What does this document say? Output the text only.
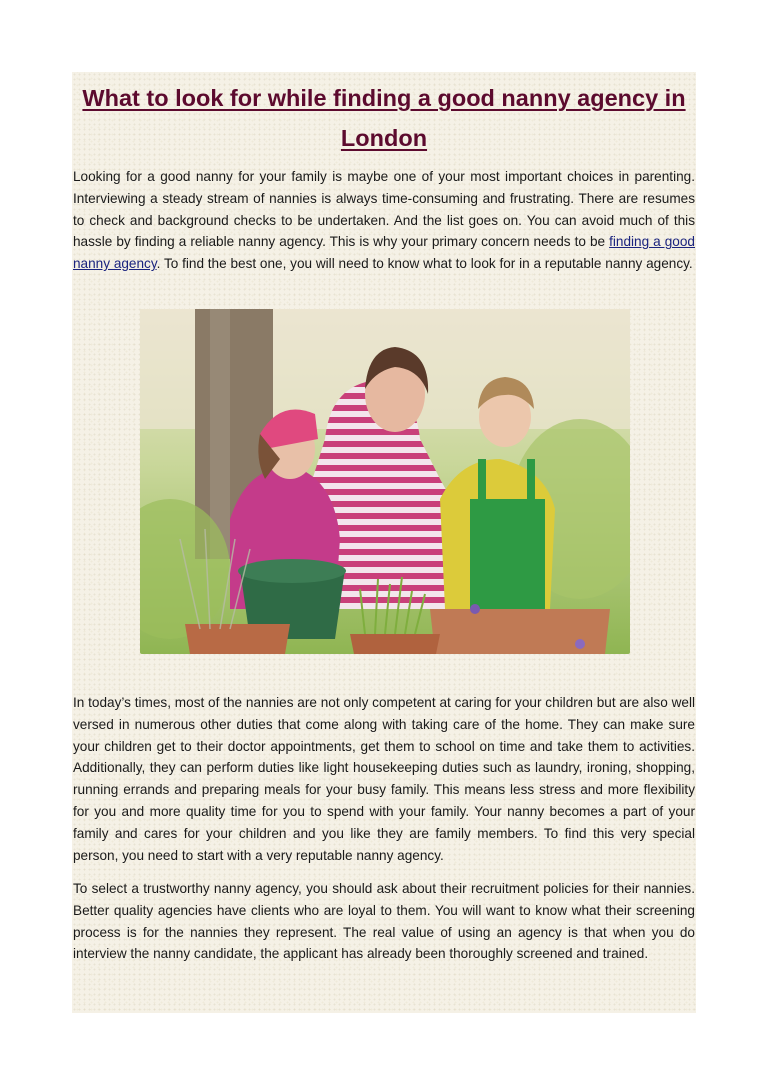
What to look for while finding a good nanny agency in London

Looking for a good nanny for your family is maybe one of your most important choices in parenting. Interviewing a steady stream of nannies is always time-consuming and frustrating. There are resumes to check and background checks to be undertaken. And the list goes on. You can avoid much of this hassle by finding a reliable nanny agency. This is why your primary concern needs to be finding a good nanny agency. To find the best one, you will need to know what to look for in a reputable nanny agency.

In today’s times, most of the nannies are not only competent at caring for your children but are also well versed in numerous other duties that come along with taking care of the home. They can make sure your children get to their doctor appointments, get them to school on time and take them to activities. Additionally, they can perform duties like light housekeeping duties such as laundry, ironing, shopping, running errands and preparing meals for your busy family. This means less stress and more flexibility for you and more quality time for you to spend with your family. Your nanny becomes a part of your family and cares for your children and you like they are family members. To find this very special person, you need to start with a very reputable nanny agency.

To select a trustworthy nanny agency, you should ask about their recruitment policies for their nannies. Better quality agencies have clients who are loyal to them. You will want to know what their screening process is for the nannies they represent. The real value of using an agency is that when you do interview the nanny candidate, the applicant has already been thoroughly screened and trained.
